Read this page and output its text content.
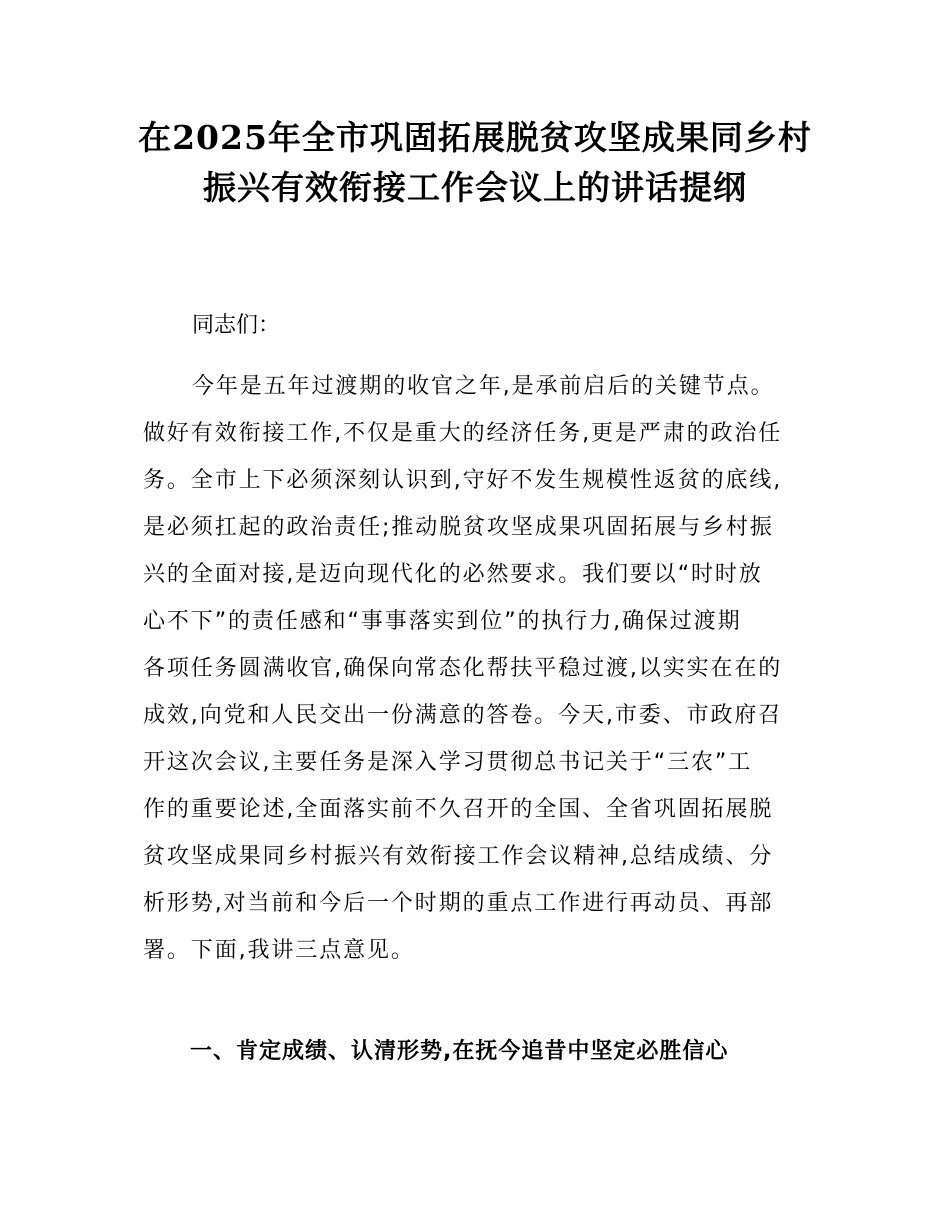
在2025年全市巩固拓展脱贫攻坚成果同乡村
振兴有效衔接工作会议上的讲话提纲
同志们：
今年是五年过渡期的收官之年,是承前启后的关键节点。
做好有效衔接工作,不仅是重大的经济任务,更是严肃的政治任
务。全市上下必须深刻认识到,守好不发生规模性返贫的底线,
是必须扛起的政治责任;推动脱贫攻坚成果巩固拓展与乡村振
兴的全面对接,是迈向现代化的必然要求。我们要以“时时放
心不下”的责任感和“事事落实到位”的执行力,确保过渡期
各项任务圆满收官,确保向常态化帮扶平稳过渡,以实实在在的
成效,向党和人民交出一份满意的答卷。今天,市委、市政府召
开这次会议,主要任务是深入学习贯彻总书记关于“三农”工
作的重要论述,全面落实前不久召开的全国、全省巩固拓展脱
贫攻坚成果同乡村振兴有效衔接工作会议精神,总结成绩、分
析形势,对当前和今后一个时期的重点工作进行再动员、再部
署。下面,我讲三点意见。
一、肯定成绩、认清形势,在抚今追昔中坚定必胜信心
